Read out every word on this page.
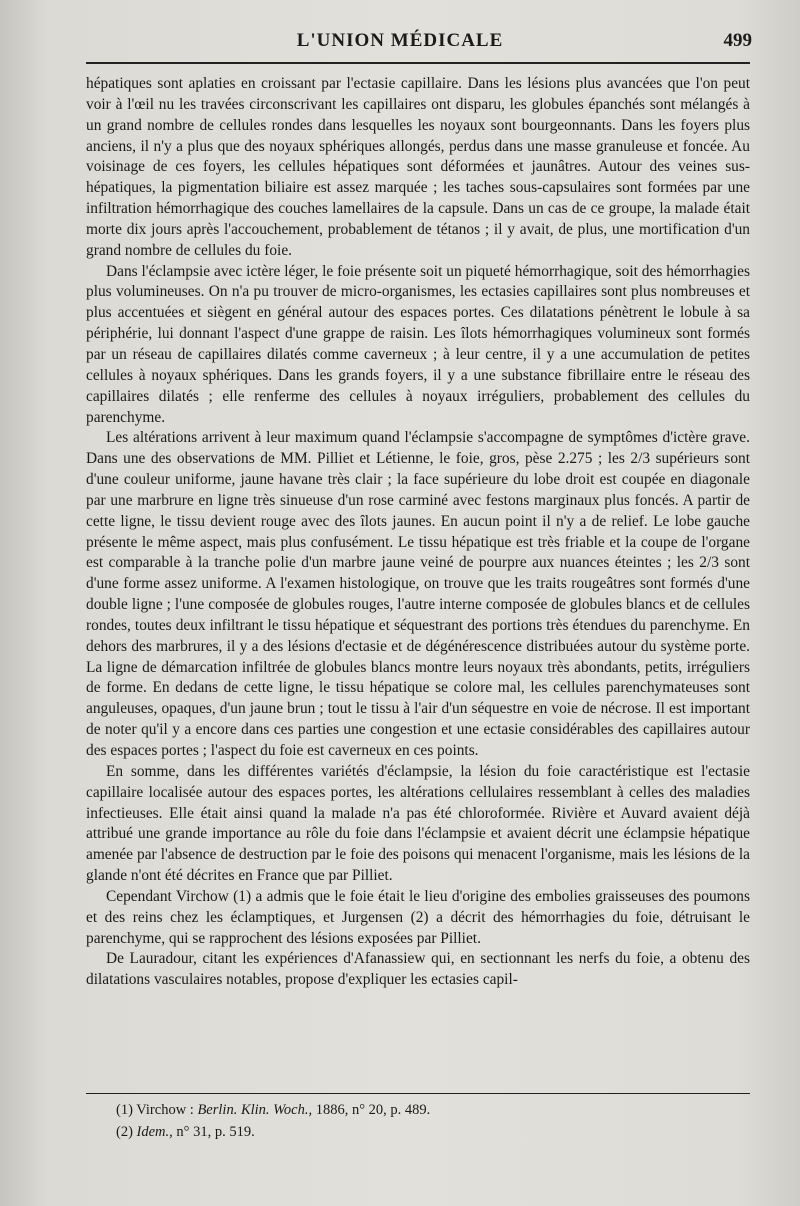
L'UNION MÉDICALE	499

hépatiques sont aplaties en croissant par l'ectasie capillaire. Dans les lésions plus avancées que l'on peut voir à l'œil nu les travées circonscrivant les capillaires ont disparu, les globules épanchés sont mélangés à un grand nombre de cellules rondes dans lesquelles les noyaux sont bourgeonnants. Dans les foyers plus anciens, il n'y a plus que des noyaux sphériques allongés, perdus dans une masse granuleuse et foncée. Au voisinage de ces foyers, les cellules hépatiques sont déformées et jaunâtres. Autour des veines sus-hépatiques, la pigmentation biliaire est assez marquée ; les taches sous-capsulaires sont formées par une infiltration hémorrhagique des couches lamellaires de la capsule. Dans un cas de ce groupe, la malade était morte dix jours après l'accouchement, probablement de tétanos ; il y avait, de plus, une mortification d'un grand nombre de cellules du foie.

Dans l'éclampsie avec ictère léger, le foie présente soit un piqueté hémorrhagique, soit des hémorrhagies plus volumineuses. On n'a pu trouver de micro-organismes, les ectasies capillaires sont plus nombreuses et plus accentuées et siègent en général autour des espaces portes. Ces dilatations pénètrent le lobule à sa périphérie, lui donnant l'aspect d'une grappe de raisin. Les îlots hémorrhagiques volumineux sont formés par un réseau de capillaires dilatés comme caverneux ; à leur centre, il y a une accumulation de petites cellules à noyaux sphériques. Dans les grands foyers, il y a une substance fibrillaire entre le réseau des capillaires dilatés ; elle renferme des cellules à noyaux irréguliers, probablement des cellules du parenchyme.

Les altérations arrivent à leur maximum quand l'éclampsie s'accompagne de symptômes d'ictère grave. Dans une des observations de MM. Pilliet et Létienne, le foie, gros, pèse 2.275 ; les 2/3 supérieurs sont d'une couleur uniforme, jaune havane très clair ; la face supérieure du lobe droit est coupée en diagonale par une marbrure en ligne très sinueuse d'un rose carminé avec festons marginaux plus foncés. A partir de cette ligne, le tissu devient rouge avec des îlots jaunes. En aucun point il n'y a de relief. Le lobe gauche présente le même aspect, mais plus confusément. Le tissu hépatique est très friable et la coupe de l'organe est comparable à la tranche polie d'un marbre jaune veiné de pourpre aux nuances éteintes ; les 2/3 sont d'une forme assez uniforme. A l'examen histologique, on trouve que les traits rougeâtres sont formés d'une double ligne ; l'une composée de globules rouges, l'autre interne composée de globules blancs et de cellules rondes, toutes deux infiltrant le tissu hépatique et séquestrant des portions très étendues du parenchyme. En dehors des marbrures, il y a des lésions d'ectasie et de dégénérescence distribuées autour du système porte. La ligne de démarcation infiltrée de globules blancs montre leurs noyaux très abondants, petits, irréguliers de forme. En dedans de cette ligne, le tissu hépatique se colore mal, les cellules parenchymateuses sont anguleuses, opaques, d'un jaune brun ; tout le tissu à l'air d'un séquestre en voie de nécrose. Il est important de noter qu'il y a encore dans ces parties une congestion et une ectasie considérables des capillaires autour des espaces portes ; l'aspect du foie est caverneux en ces points.

En somme, dans les différentes variétés d'éclampsie, la lésion du foie caractéristique est l'ectasie capillaire localisée autour des espaces portes, les altérations cellulaires ressemblant à celles des maladies infectieuses. Elle était ainsi quand la malade n'a pas été chloroformée. Rivière et Auvard avaient déjà attribué une grande importance au rôle du foie dans l'éclampsie et avaient décrit une éclampsie hépatique amenée par l'absence de destruction par le foie des poisons qui menacent l'organisme, mais les lésions de la glande n'ont été décrites en France que par Pilliet.

Cependant Virchow (1) a admis que le foie était le lieu d'origine des embolies graisseuses des poumons et des reins chez les éclamptiques, et Jurgensen (2) a décrit des hémorrhagies du foie, détruisant le parenchyme, qui se rapprochent des lésions exposées par Pilliet.

De Lauradour, citant les expériences d'Afanassiew qui, en sectionnant les nerfs du foie, a obtenu des dilatations vasculaires notables, propose d'expliquer les ectasies capil-

(1) Virchow : Berlin. Klin. Woch., 1886, n° 20, p. 489.

(2) Idem., n° 31, p. 519.
